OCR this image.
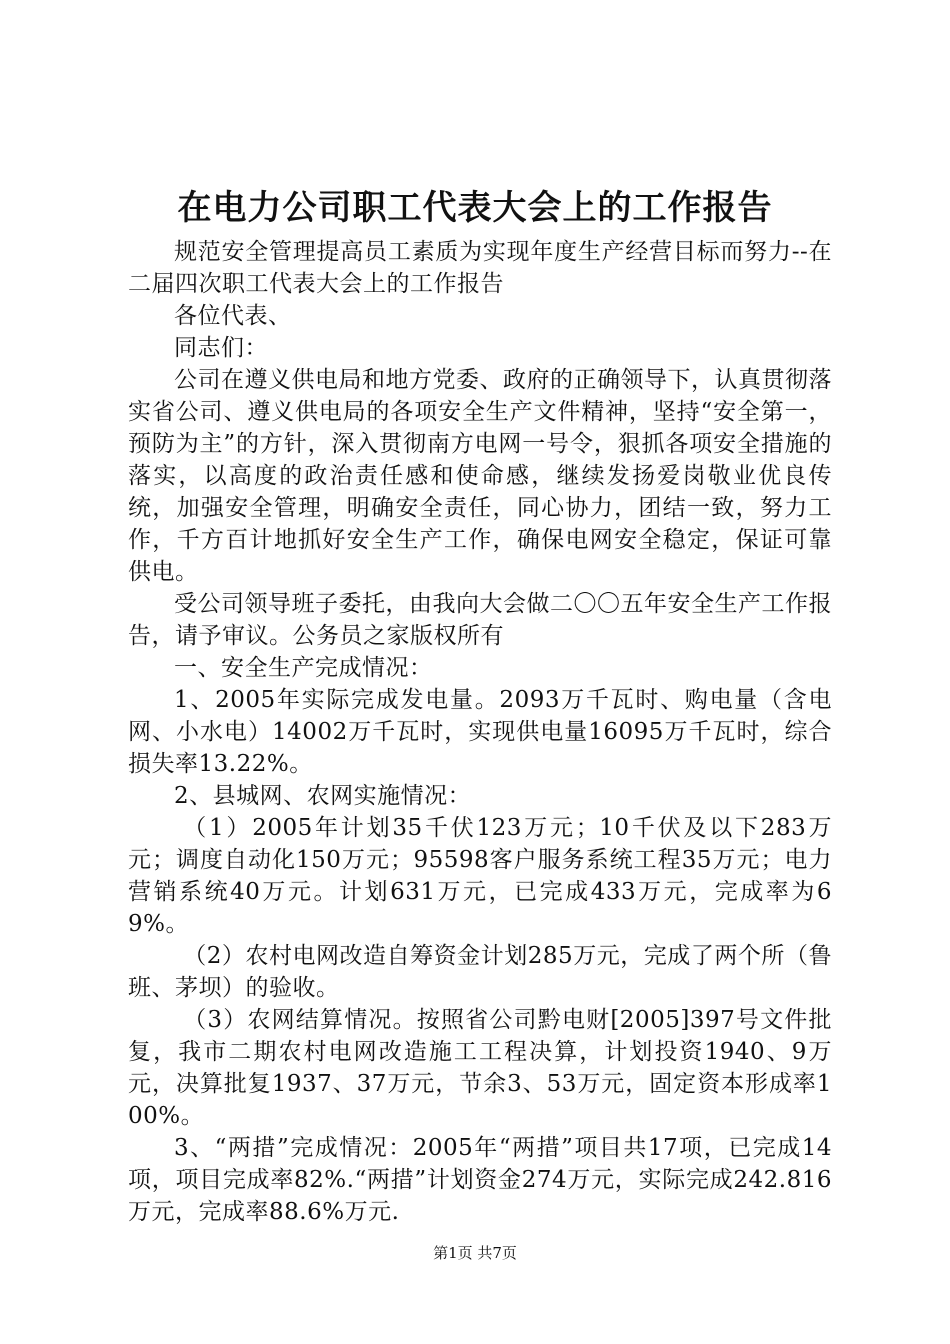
在电力公司职工代表大会上的工作报告

规范安全管理提高员工素质为实现年度生产经营目标而努力--在二届四次职工代表大会上的工作报告

各位代表、

同志们：

公司在遵义供电局和地方党委、政府的正确领导下，认真贯彻落实省公司、遵义供电局的各项安全生产文件精神，坚持“安全第一，预防为主”的方针，深入贯彻南方电网一号令，狠抓各项安全措施的落实，以高度的政治责任感和使命感，继续发扬爱岗敬业优良传统，加强安全管理，明确安全责任，同心协力，团结一致，努力工作，千方百计地抓好安全生产工作，确保电网安全稳定，保证可靠供电。

受公司领导班子委托，由我向大会做二〇〇五年安全生产工作报告，请予审议。公务员之家版权所有

一、安全生产完成情况：

1、2005年实际完成发电量。2093万千瓦时、购电量（含电网、小水电）14002万千瓦时，实现供电量16095万千瓦时，综合损失率13.22%。

2、县城网、农网实施情况：

（1）2005年计划35千伏123万元；10千伏及以下283万元；调度自动化150万元；95598客户服务系统工程35万元；电力营销系统40万元。计划631万元，已完成433万元，完成率为69%。

（2）农村电网改造自筹资金计划285万元，完成了两个所（鲁班、茅坝）的验收。

（3）农网结算情况。按照省公司黔电财[2005]397号文件批复，我市二期农村电网改造施工工程决算，计划投资1940、9万元，决算批复1937、37万元，节余3、53万元，固定资本形成率100%。

3、“两措”完成情况：2005年“两措”项目共17项，已完成14项，项目完成率82%.“两措”计划资金274万元，实际完成242.816万元，完成率88.6%万元.

第1页 共7页
